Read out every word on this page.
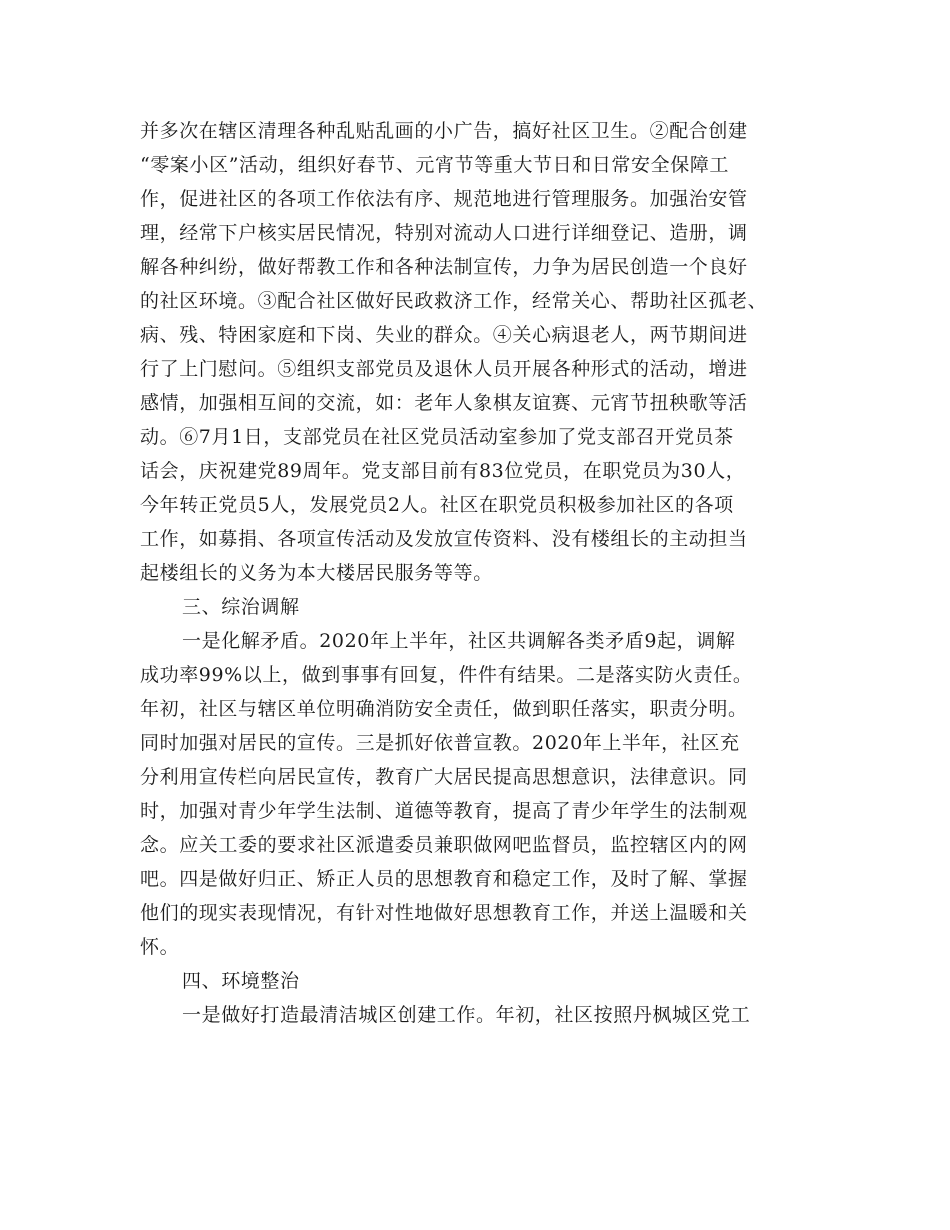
并多次在辖区清理各种乱贴乱画的小广告，搞好社区卫生。②配合创建
“零案小区”活动，组织好春节、元宵节等重大节日和日常安全保障工
作，促进社区的各项工作依法有序、规范地进行管理服务。加强治安管
理，经常下户核实居民情况，特别对流动人口进行详细登记、造册，调
解各种纠纷，做好帮教工作和各种法制宣传，力争为居民创造一个良好
的社区环境。③配合社区做好民政救济工作，经常关心、帮助社区孤老、
病、残、特困家庭和下岗、失业的群众。④关心病退老人，两节期间进
行了上门慰问。⑤组织支部党员及退休人员开展各种形式的活动，增进
感情，加强相互间的交流，如：老年人象棋友谊赛、元宵节扭秧歌等活
动。⑥7月1日，支部党员在社区党员活动室参加了党支部召开党员茶
话会，庆祝建党89周年。党支部目前有83位党员，在职党员为30人，
今年转正党员5人，发展党员2人。社区在职党员积极参加社区的各项
工作，如募捐、各项宣传活动及发放宣传资料、没有楼组长的主动担当
起楼组长的义务为本大楼居民服务等等。
三、综治调解
一是化解矛盾。2020年上半年，社区共调解各类矛盾9起，调解
成功率99%以上，做到事事有回复，件件有结果。二是落实防火责任。
年初，社区与辖区单位明确消防安全责任，做到职任落实，职责分明。
同时加强对居民的宣传。三是抓好依普宣教。2020年上半年，社区充
分利用宣传栏向居民宣传，教育广大居民提高思想意识，法律意识。同
时，加强对青少年学生法制、道德等教育，提高了青少年学生的法制观
念。应关工委的要求社区派遣委员兼职做网吧监督员，监控辖区内的网
吧。四是做好归正、矫正人员的思想教育和稳定工作，及时了解、掌握
他们的现实表现情况，有针对性地做好思想教育工作，并送上温暖和关
怀。
四、环境整治
一是做好打造最清洁城区创建工作。年初，社区按照丹枫城区党工
